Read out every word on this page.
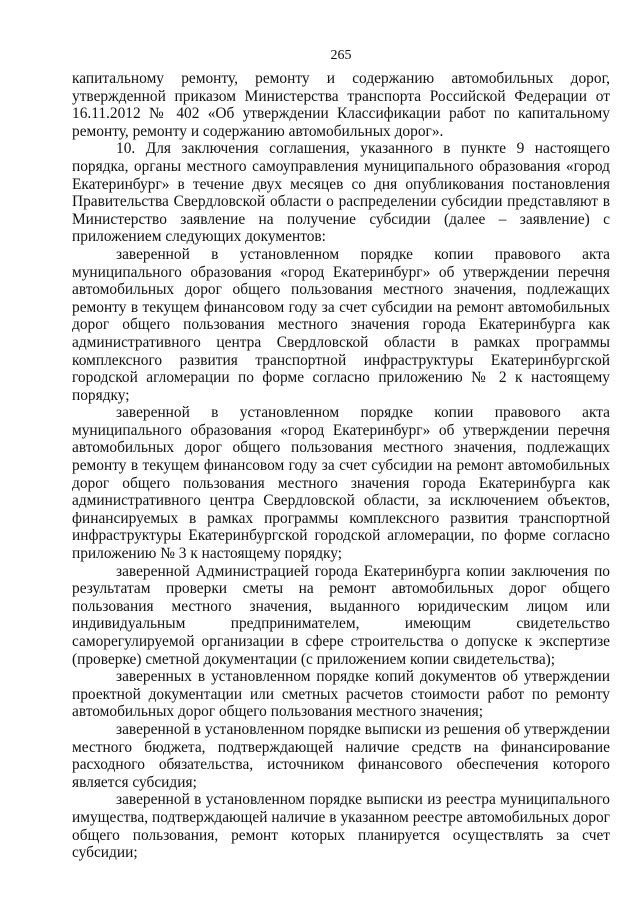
265

капитальному ремонту, ремонту и содержанию автомобильных дорог, утвержденной приказом Министерства транспорта Российской Федерации от 16.11.2012 № 402 «Об утверждении Классификации работ по капитальному ремонту, ремонту и содержанию автомобильных дорог».

10. Для заключения соглашения, указанного в пункте 9 настоящего порядка, органы местного самоуправления муниципального образования «город Екатеринбург» в течение двух месяцев со дня опубликования постановления Правительства Свердловской области о распределении субсидии представляют в Министерство заявление на получение субсидии (далее – заявление) с приложением следующих документов:

заверенной в установленном порядке копии правового акта муниципального образования «город Екатеринбург» об утверждении перечня автомобильных дорог общего пользования местного значения, подлежащих ремонту в текущем финансовом году за счет субсидии на ремонт автомобильных дорог общего пользования местного значения города Екатеринбурга как административного центра Свердловской области в рамках программы комплексного развития транспортной инфраструктуры Екатеринбургской городской агломерации по форме согласно приложению № 2 к настоящему порядку;

заверенной в установленном порядке копии правового акта муниципального образования «город Екатеринбург» об утверждении перечня автомобильных дорог общего пользования местного значения, подлежащих ремонту в текущем финансовом году за счет субсидии на ремонт автомобильных дорог общего пользования местного значения города Екатеринбурга как административного центра Свердловской области, за исключением объектов, финансируемых в рамках программы комплексного развития транспортной инфраструктуры Екатеринбургской городской агломерации, по форме согласно приложению № 3 к настоящему порядку;

заверенной Администрацией города Екатеринбурга копии заключения по результатам проверки сметы на ремонт автомобильных дорог общего пользования местного значения, выданного юридическим лицом или индивидуальным предпринимателем, имеющим свидетельство саморегулируемой организации в сфере строительства о допуске к экспертизе (проверке) сметной документации (с приложением копии свидетельства);

заверенных в установленном порядке копий документов об утверждении проектной документации или сметных расчетов стоимости работ по ремонту автомобильных дорог общего пользования местного значения;

заверенной в установленном порядке выписки из решения об утверждении местного бюджета, подтверждающей наличие средств на финансирование расходного обязательства, источником финансового обеспечения которого является субсидия;

заверенной в установленном порядке выписки из реестра муниципального имущества, подтверждающей наличие в указанном реестре автомобильных дорог общего пользования, ремонт которых планируется осуществлять за счет субсидии;
